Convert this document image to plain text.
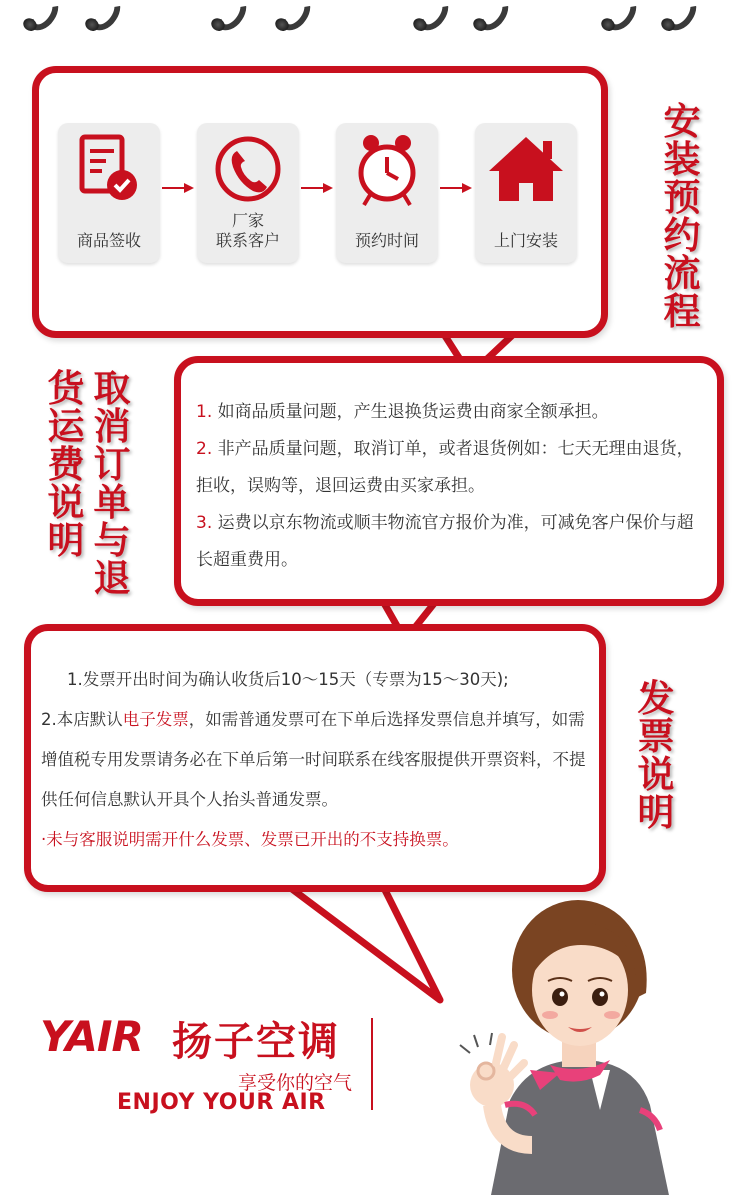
安装预约流程
商品签收
厂家
联系客户	预约时间	上门安装
取消订单与退
货运费说明

1. 如商品质量问题，产生退换货运费由商家全额承担。

2. 非产品质量问题，取消订单，或者退货例如：七天无理由退货，拒收，误购等，退回运费由买家承担。

3. 运费以京东物流或顺丰物流官方报价为准，可减免客户保价与超长超重费用。

发票说明

1.发票开出时间为确认收货后10～15天（专票为15～30天);

2.本店默认电子发票，如需普通发票可在下单后选择发票信息并填写，如需增值税专用发票请务必在下单后第一时间联系在线客服提供开票资料，不提供任何信息默认开具个人抬头普通发票。

·未与客服说明需开什么发票、发票已开出的不支持换票。

YAIR 扬子空调
享受你的空气
ENJOY YOUR AIR
